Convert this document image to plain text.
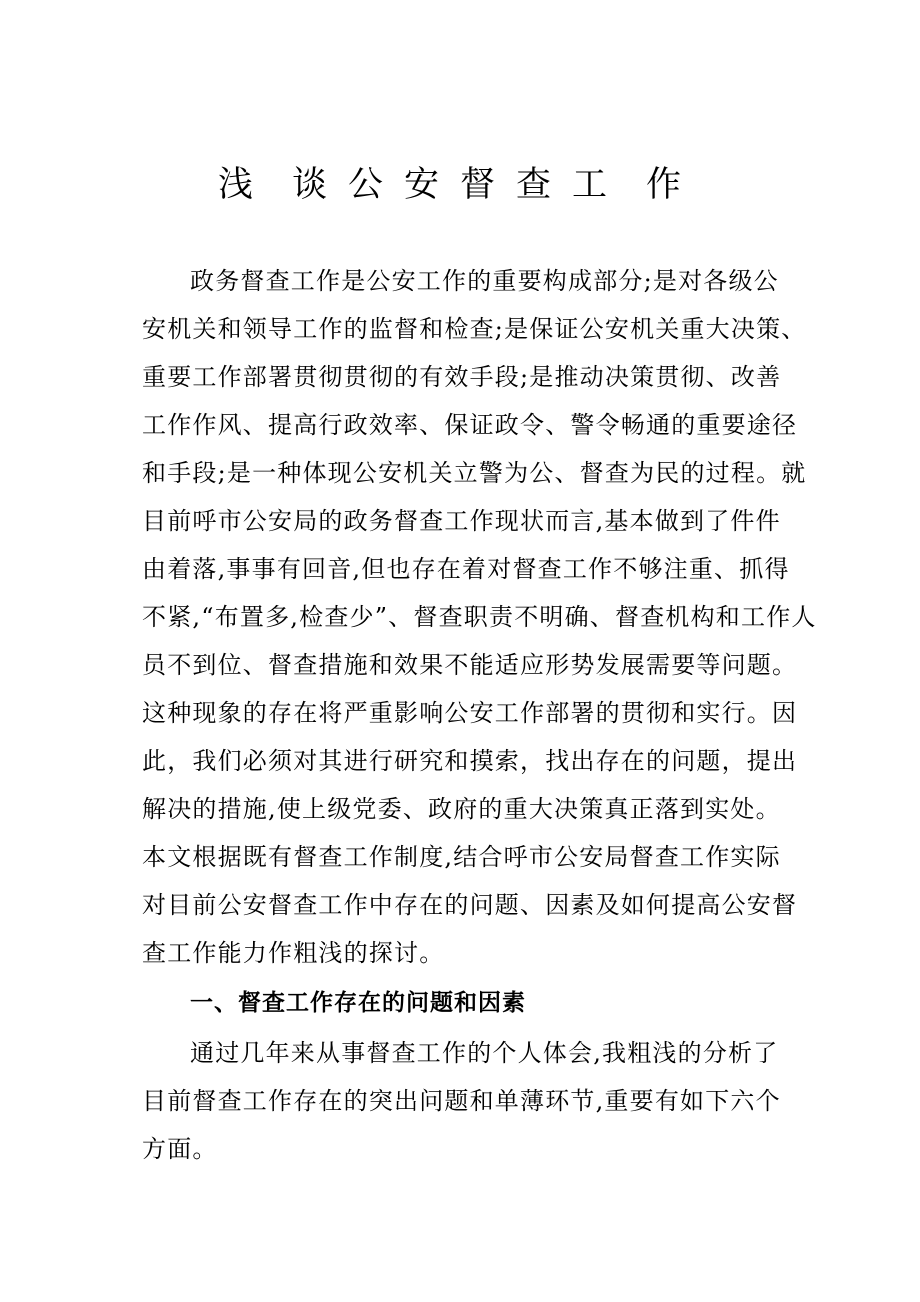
浅 谈公安督查工 作
政务督查工作是公安工作的重要构成部分;是对各级公
安机关和领导工作的监督和检查;是保证公安机关重大决策、
重要工作部署贯彻贯彻的有效手段;是推动决策贯彻、改善
工作作风、提高行政效率、保证政令、警令畅通的重要途径
和手段;是一种体现公安机关立警为公、督查为民的过程。就
目前呼市公安局的政务督查工作现状而言,基本做到了件件
由着落,事事有回音,但也存在着对督查工作不够注重、抓得
不紧,“布置多,检查少”、督查职责不明确、督查机构和工作人
员不到位、督查措施和效果不能适应形势发展需要等问题。
这种现象的存在将严重影响公安工作部署的贯彻和实行。因
此，我们必须对其进行研究和摸索，找出存在的问题，提出
解决的措施,使上级党委、政府的重大决策真正落到实处。
本文根据既有督查工作制度,结合呼市公安局督查工作实际
对目前公安督查工作中存在的问题、因素及如何提高公安督
查工作能力作粗浅的探讨。
一、督查工作存在的问题和因素
通过几年来从事督查工作的个人体会,我粗浅的分析了
目前督查工作存在的突出问题和单薄环节,重要有如下六个
方面。
